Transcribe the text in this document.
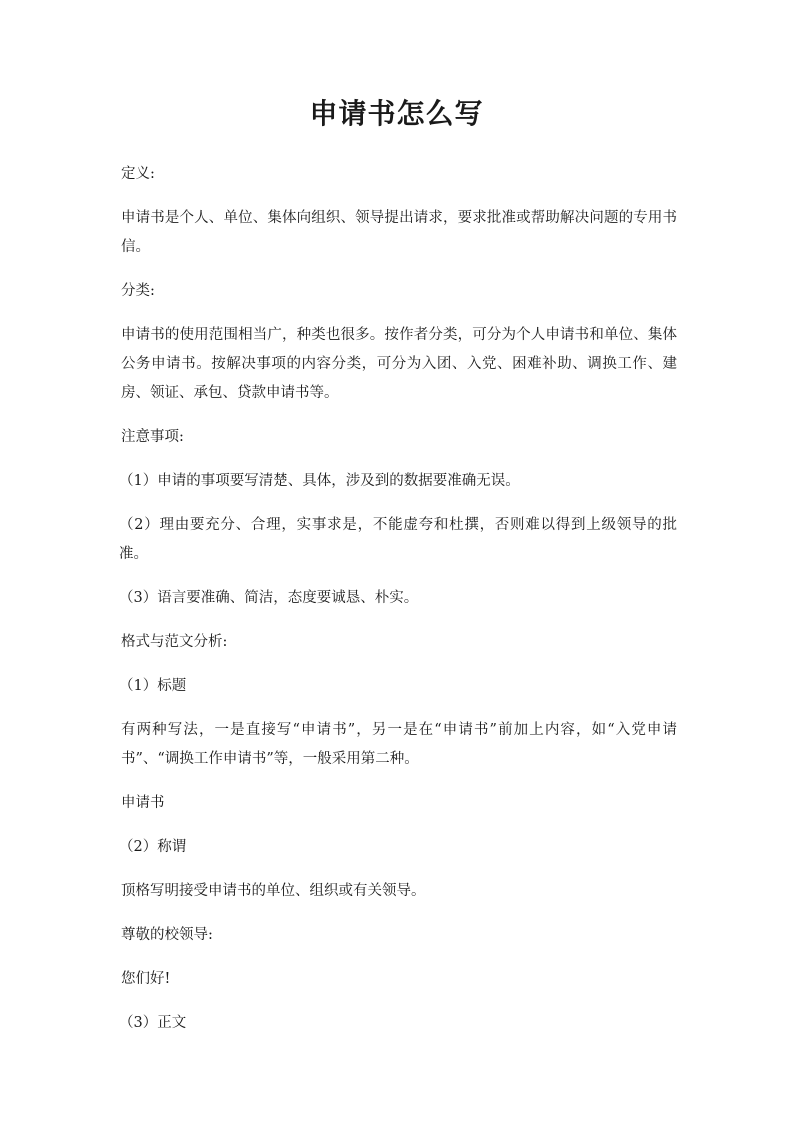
申请书怎么写

定义:

申请书是个人、单位、集体向组织、领导提出请求，要求批准或帮助解决问题的专用书信。

分类:

申请书的使用范围相当广，种类也很多。按作者分类，可分为个人申请书和单位、集体公务申请书。按解决事项的内容分类，可分为入团、入党、困难补助、调换工作、建房、领证、承包、贷款申请书等。

注意事项:

（1）申请的事项要写清楚、具体，涉及到的数据要准确无误。

（2）理由要充分、合理，实事求是，不能虚夸和杜撰，否则难以得到上级领导的批准。

（3）语言要准确、简洁，态度要诚恳、朴实。

格式与范文分析:

（1）标题

有两种写法，一是直接写“申请书”，另一是在“申请书”前加上内容，如“入党申请书”、“调换工作申请书”等，一般采用第二种。

申请书

（2）称谓

顶格写明接受申请书的单位、组织或有关领导。

尊敬的校领导:

您们好!

（3）正文
